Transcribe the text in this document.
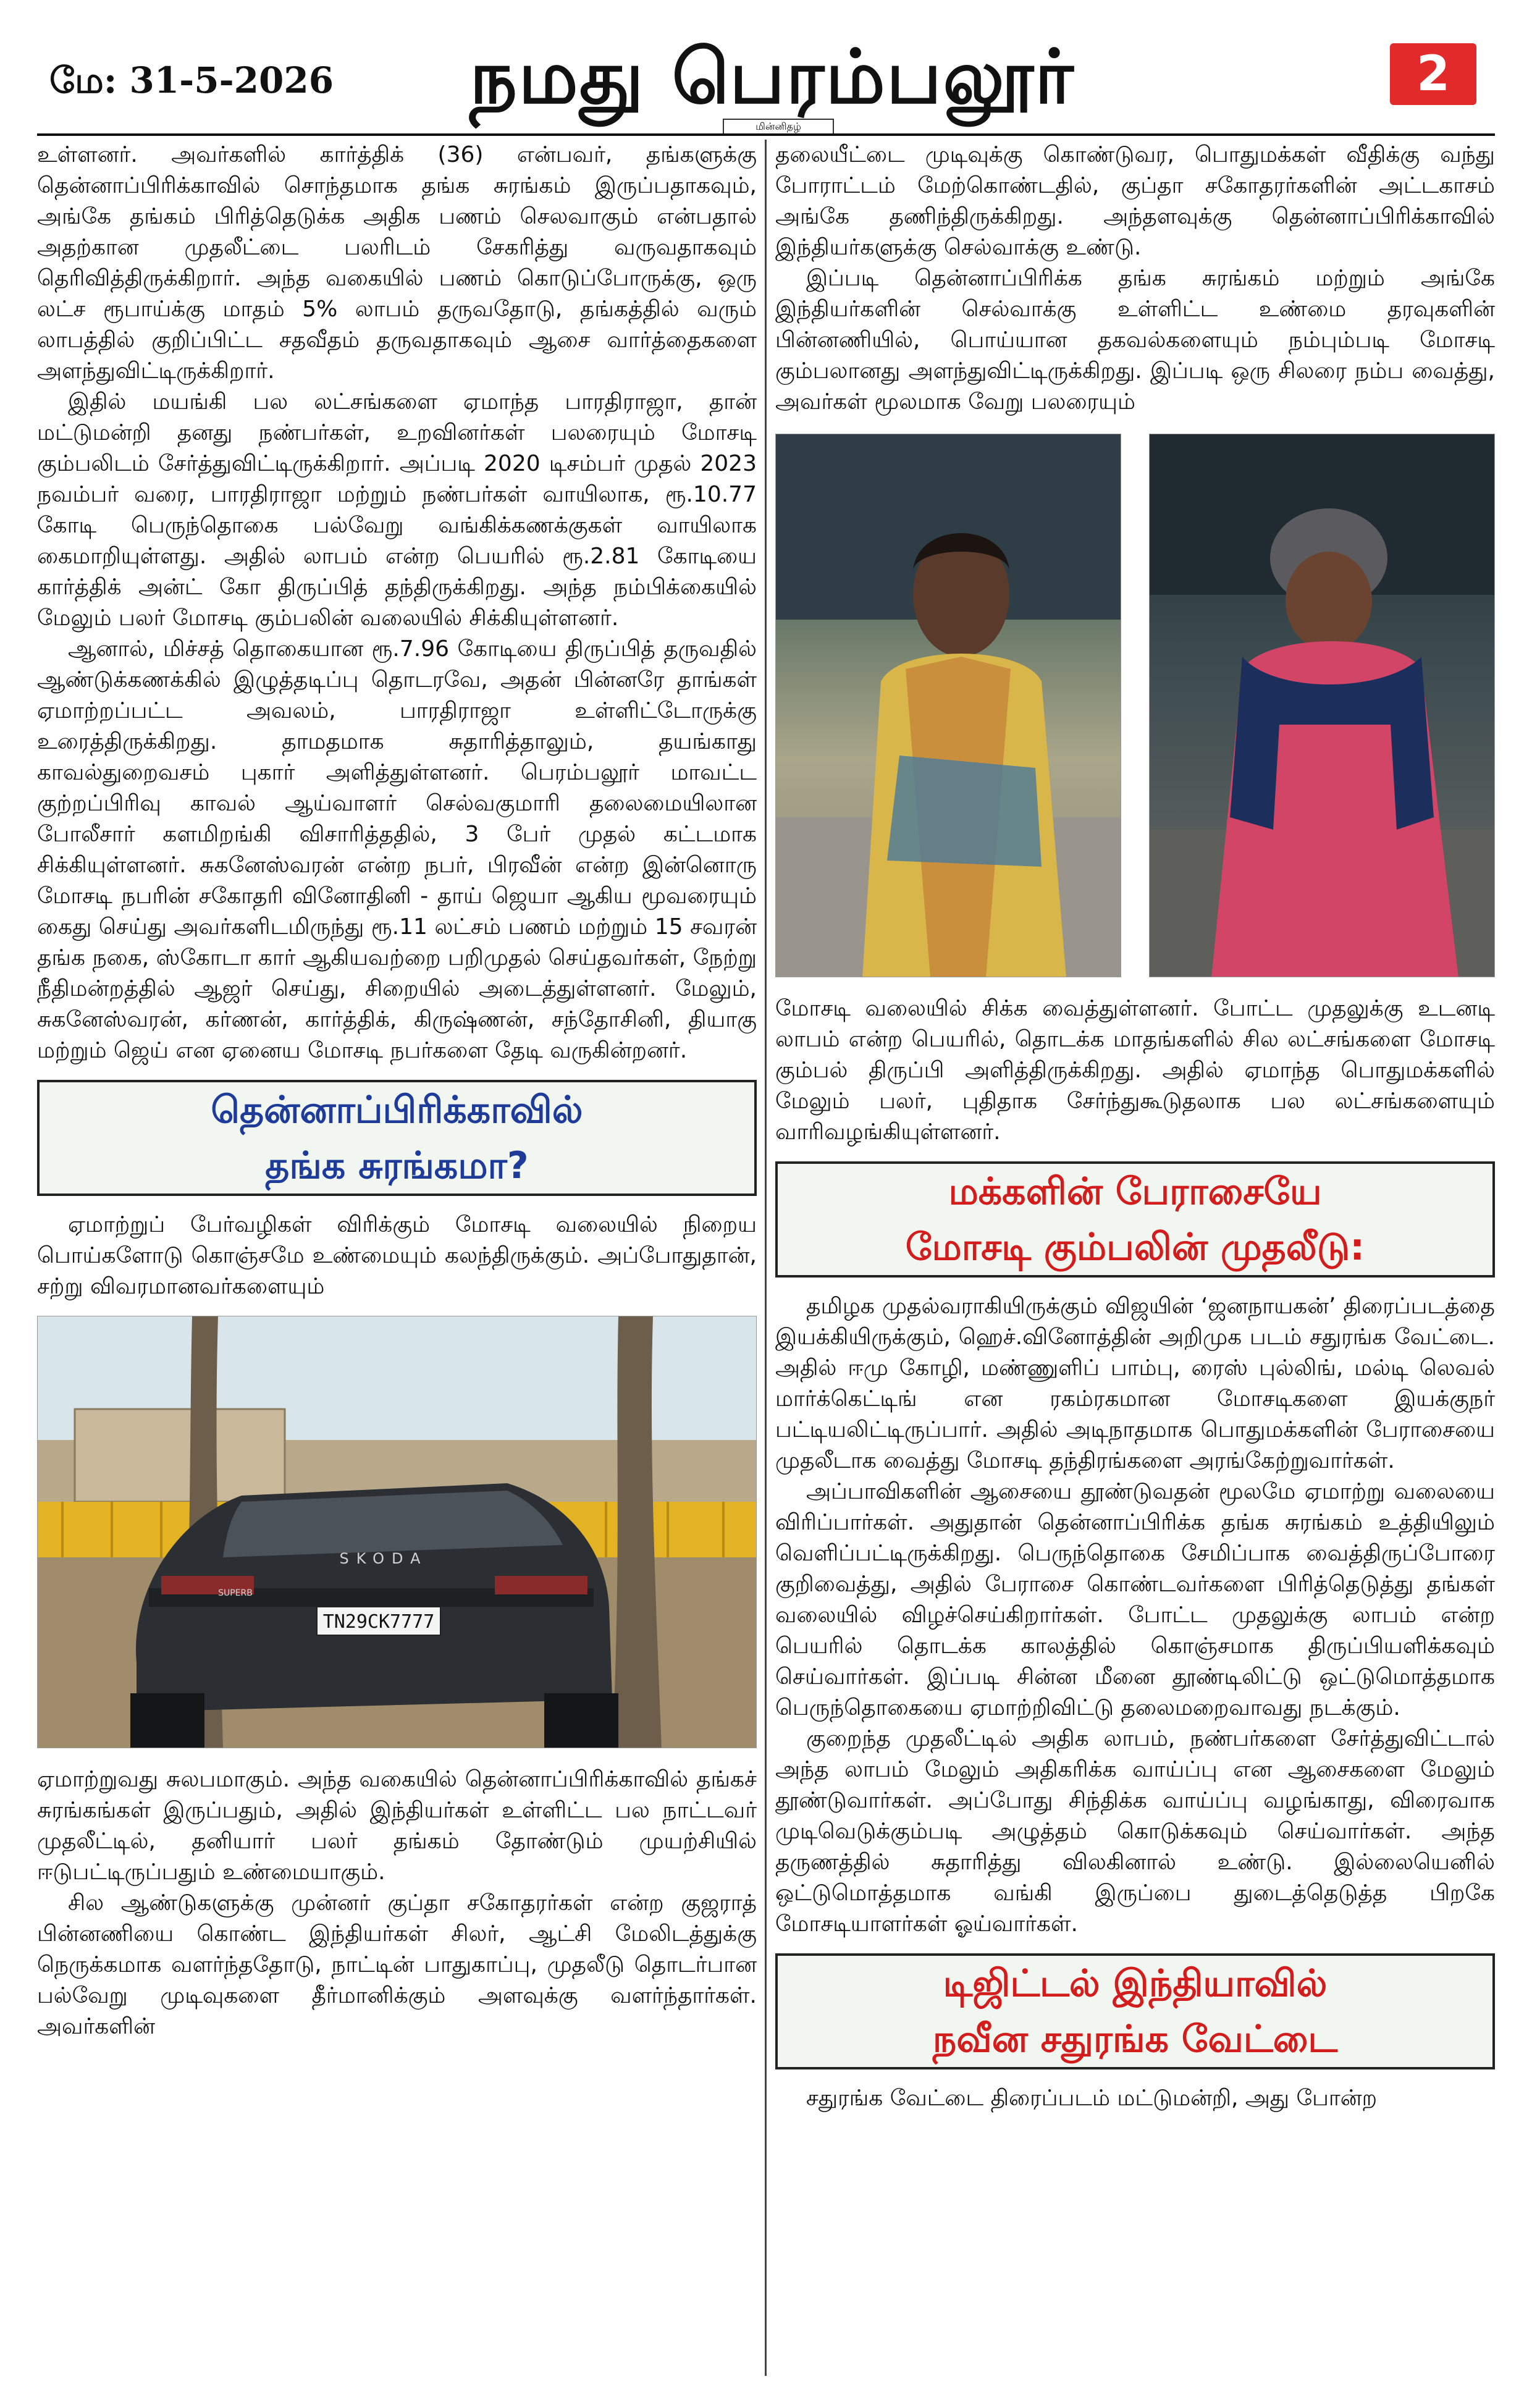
மே: 31-5-2026 நமது பெரம்பலூர்
மின்னிதழ்
2

உள்ளனர். அவர்களில் கார்த்திக் (36) என்பவர், தங்களுக்கு தென்னாப்பிரிக்காவில் சொந்தமாக தங்க சுரங்கம் இருப்பதாகவும், அங்கே தங்கம் பிரித்தெடுக்க அதிக பணம் செலவாகும் என்பதால் அதற்கான முதலீட்டை பலரிடம் சேகரித்து வருவதாகவும் தெரிவித்திருக்கிறார். அந்த வகையில் பணம் கொடுப்போருக்கு, ஒரு லட்ச ரூபாய்க்கு மாதம் 5% லாபம் தருவதோடு, தங்கத்தில் வரும் லாபத்தில் குறிப்பிட்ட சதவீதம் தருவதாகவும் ஆசை வார்த்தைகளை அளந்துவிட்டிருக்கிறார்.

இதில் மயங்கி பல லட்சங்களை ஏமாந்த பாரதிராஜா, தான் மட்டுமன்றி தனது நண்பர்கள், உறவினர்கள் பலரையும் மோசடி கும்பலிடம் சேர்த்துவிட்டிருக்கிறார். அப்படி 2020 டிசம்பர் முதல் 2023 நவம்பர் வரை, பாரதிராஜா மற்றும் நண்பர்கள் வாயிலாக, ரூ.10.77 கோடி பெருந்தொகை பல்வேறு வங்கிக்கணக்குகள் வாயிலாக கைமாறியுள்ளது. அதில் லாபம் என்ற பெயரில் ரூ.2.81 கோடியை கார்த்திக் அன்ட் கோ திருப்பித் தந்திருக்கிறது. அந்த நம்பிக்கையில் மேலும் பலர் மோசடி கும்பலின் வலையில் சிக்கியுள்ளனர்.

ஆனால், மிச்சத் தொகையான ரூ.7.96 கோடியை திருப்பித் தருவதில் ஆண்டுக்கணக்கில் இழுத்தடிப்பு தொடரவே, அதன் பின்னரே தாங்கள் ஏமாற்றப்பட்ட அவலம், பாரதிராஜா உள்ளிட்டோருக்கு உரைத்திருக்கிறது. தாமதமாக சுதாரித்தாலும், தயங்காது காவல்துறைவசம் புகார் அளித்துள்ளனர். பெரம்பலூர் மாவட்ட குற்றப்பிரிவு காவல் ஆய்வாளர் செல்வகுமாரி தலைமையிலான போலீசார் களமிறங்கி விசாரித்ததில், 3 பேர் முதல் கட்டமாக சிக்கியுள்ளனர். சுகனேஸ்வரன் என்ற நபர், பிரவீன் என்ற இன்னொரு மோசடி நபரின் சகோதரி வினோதினி - தாய் ஜெயா ஆகிய மூவரையும் கைது செய்து அவர்களிடமிருந்து ரூ.11 லட்சம் பணம் மற்றும் 15 சவரன் தங்க நகை, ஸ்கோடா கார் ஆகியவற்றை பறிமுதல் செய்தவர்கள், நேற்று நீதிமன்றத்தில் ஆஜர் செய்து, சிறையில் அடைத்துள்ளனர். மேலும், சுகனேஸ்வரன், கர்ணன், கார்த்திக், கிருஷ்ணன், சந்தோசினி, தியாகு மற்றும் ஜெய் என ஏனைய மோசடி நபர்களை தேடி வருகின்றனர்.

தென்னாப்பிரிக்காவில்
தங்க சுரங்கமா?

ஏமாற்றுப் பேர்வழிகள் விரிக்கும் மோசடி வலையில் நிறைய பொய்களோடு கொஞ்சமே உண்மையும் கலந்திருக்கும். அப்போதுதான், சற்று விவரமானவர்களையும்

TN29CK7777
SKODA
SUPERB

ஏமாற்றுவது சுலபமாகும். அந்த வகையில் தென்னாப்பிரிக்காவில் தங்கச் சுரங்கங்கள் இருப்பதும், அதில் இந்தியர்கள் உள்ளிட்ட பல நாட்டவர் முதலீட்டில், தனியார் பலர் தங்கம் தோண்டும் முயற்சியில் ஈடுபட்டிருப்பதும் உண்மையாகும்.

சில ஆண்டுகளுக்கு முன்னர் குப்தா சகோதரர்கள் என்ற குஜராத் பின்னணியை கொண்ட இந்தியர்கள் சிலர், ஆட்சி மேலிடத்துக்கு நெருக்கமாக வளர்ந்ததோடு, நாட்டின் பாதுகாப்பு, முதலீடு தொடர்பான பல்வேறு முடிவுகளை தீர்மானிக்கும் அளவுக்கு வளர்ந்தார்கள். அவர்களின்

தலையீட்டை முடிவுக்கு கொண்டுவர, பொதுமக்கள் வீதிக்கு வந்து போராட்டம் மேற்கொண்டதில், குப்தா சகோதரர்களின் அட்டகாசம் அங்கே தணிந்திருக்கிறது. அந்தளவுக்கு தென்னாப்பிரிக்காவில் இந்தியர்களுக்கு செல்வாக்கு உண்டு.

இப்படி தென்னாப்பிரிக்க தங்க சுரங்கம் மற்றும் அங்கே இந்தியர்களின் செல்வாக்கு உள்ளிட்ட உண்மை தரவுகளின் பின்னணியில், பொய்யான தகவல்களையும் நம்பும்படி மோசடி கும்பலானது அளந்துவிட்டிருக்கிறது. இப்படி ஒரு சிலரை நம்ப வைத்து, அவர்கள் மூலமாக வேறு பலரையும்

மோசடி வலையில் சிக்க வைத்துள்ளனர். போட்ட முதலுக்கு உடனடி லாபம் என்ற பெயரில், தொடக்க மாதங்களில் சில லட்சங்களை மோசடி கும்பல் திருப்பி அளித்திருக்கிறது. அதில் ஏமாந்த பொதுமக்களில் மேலும் பலர், புதிதாக சேர்ந்துகூடுதலாக பல லட்சங்களையும் வாரிவழங்கியுள்ளனர்.

மக்களின் பேராசையே
மோசடி கும்பலின் முதலீடு:

தமிழக முதல்வராகியிருக்கும் விஜயின் ‘ஜனநாயகன்’ திரைப்படத்தை இயக்கியிருக்கும், ஹெச்.வினோத்தின் அறிமுக படம் சதுரங்க வேட்டை. அதில் ஈமு கோழி, மண்ணுளிப் பாம்பு, ரைஸ் புல்லிங், மல்டி லெவல் மார்க்கெட்டிங் என ரகம்ரகமான மோசடிகளை இயக்குநர் பட்டியலிட்டிருப்பார். அதில் அடிநாதமாக பொதுமக்களின் பேராசையை முதலீடாக வைத்து மோசடி தந்திரங்களை அரங்கேற்றுவார்கள்.

அப்பாவிகளின் ஆசையை தூண்டுவதன் மூலமே ஏமாற்று வலையை விரிப்பார்கள். அதுதான் தென்னாப்பிரிக்க தங்க சுரங்கம் உத்தியிலும் வெளிப்பட்டிருக்கிறது. பெருந்தொகை சேமிப்பாக வைத்திருப்போரை குறிவைத்து, அதில் பேராசை கொண்டவர்களை பிரித்தெடுத்து தங்கள் வலையில் விழச்செய்கிறார்கள். போட்ட முதலுக்கு லாபம் என்ற பெயரில் தொடக்க காலத்தில் கொஞ்சமாக திருப்பியளிக்கவும் செய்வார்கள். இப்படி சின்ன மீனை தூண்டிலிட்டு ஒட்டுமொத்தமாக பெருந்தொகையை ஏமாற்றிவிட்டு தலைமறைவாவது நடக்கும்.

குறைந்த முதலீட்டில் அதிக லாபம், நண்பர்களை சேர்த்துவிட்டால் அந்த லாபம் மேலும் அதிகரிக்க வாய்ப்பு என ஆசைகளை மேலும் தூண்டுவார்கள். அப்போது சிந்திக்க வாய்ப்பு வழங்காது, விரைவாக முடிவெடுக்கும்படி அழுத்தம் கொடுக்கவும் செய்வார்கள். அந்த தருணத்தில் சுதாரித்து விலகினால் உண்டு. இல்லையெனில் ஒட்டுமொத்தமாக வங்கி இருப்பை துடைத்தெடுத்த பிறகே மோசடியாளர்கள் ஓய்வார்கள்.

டிஜிட்டல் இந்தியாவில்
நவீன சதுரங்க வேட்டை

சதுரங்க வேட்டை திரைப்படம் மட்டுமன்றி, அது போன்ற
